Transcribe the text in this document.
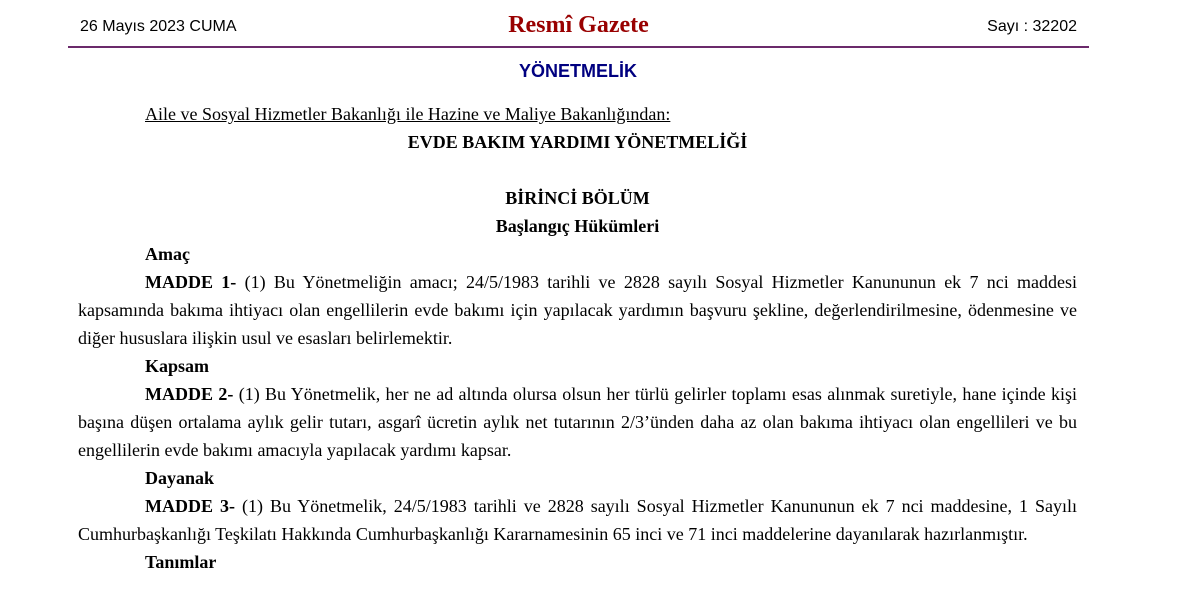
26 Mayıs 2023 CUMA	Resmî Gazete	Sayı : 32202
YÖNETMELİK

Aile ve Sosyal Hizmetler Bakanlığı ile Hazine ve Maliye Bakanlığından:

EVDE BAKIM YARDIMI YÖNETMELİĞİ

BİRİNCİ BÖLÜM

Başlangıç Hükümleri

Amaç

MADDE 1- (1) Bu Yönetmeliğin amacı; 24/5/1983 tarihli ve 2828 sayılı Sosyal Hizmetler Kanununun ek 7 nci maddesi kapsamında bakıma ihtiyacı olan engellilerin evde bakımı için yapılacak yardımın başvuru şekline, değerlendirilmesine, ödenmesine ve diğer hususlara ilişkin usul ve esasları belirlemektir.

Kapsam

MADDE 2- (1) Bu Yönetmelik, her ne ad altında olursa olsun her türlü gelirler toplamı esas alınmak suretiyle, hane içinde kişi başına düşen ortalama aylık gelir tutarı, asgarî ücretin aylık net tutarının 2/3’ünden daha az olan bakıma ihtiyacı olan engellileri ve bu engellilerin evde bakımı amacıyla yapılacak yardımı kapsar.

Dayanak

MADDE 3- (1) Bu Yönetmelik, 24/5/1983 tarihli ve 2828 sayılı Sosyal Hizmetler Kanununun ek 7 nci maddesine, 1 Sayılı Cumhurbaşkanlığı Teşkilatı Hakkında Cumhurbaşkanlığı Kararnamesinin 65 inci ve 71 inci maddelerine dayanılarak hazırlanmıştır.

Tanımlar
